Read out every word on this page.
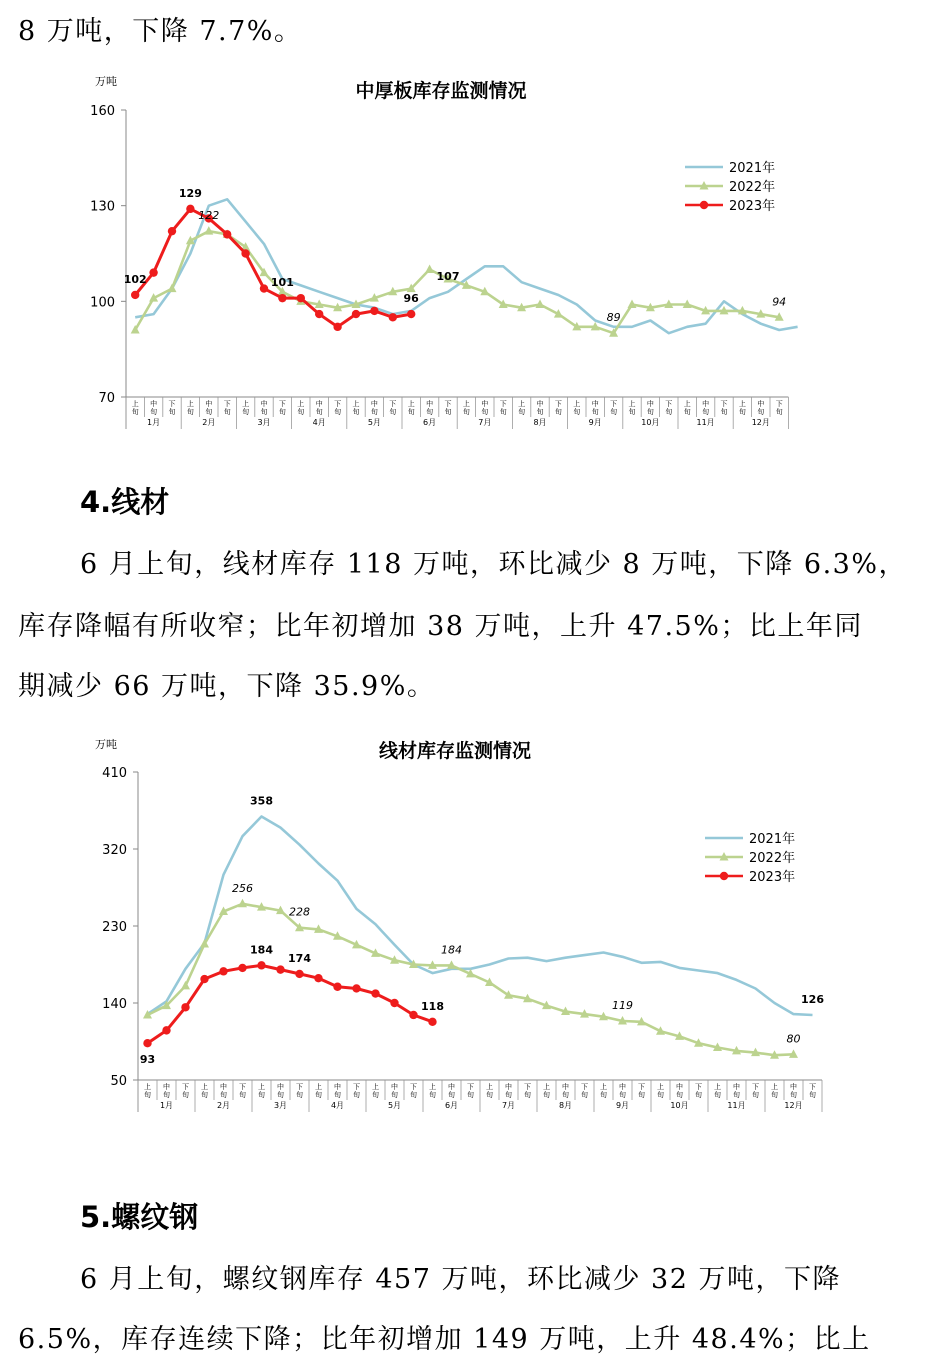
8 万吨，下降 7.7%。
中厚板库存监测情况
万吨
70
100
130
160
上
旬
中
旬
下
旬
上
旬
中
旬
下
旬
上
旬
中
旬
下
旬
上
旬
中
旬
下
旬
上
旬
中
旬
下
旬
上
旬
中
旬
下
旬
上
旬
中
旬
下
旬
上
旬
中
旬
下
旬
上
旬
中
旬
下
旬
上
旬
中
旬
下
旬
上
旬
中
旬
下
旬
上
旬
中
旬
下
旬
1月	2月	3月	4月	5月	6月	7月	8月	9月	10月	11月	12月
2021年
2022年
2023年
102
129
122
101
96
107
89
94
4.线材
6 月上旬，线材库存 118 万吨，环比减少 8 万吨，下降 6.3%，
库存降幅有所收窄；比年初增加 38 万吨，上升 47.5%；比上年同
期减少 66 万吨，下降 35.9%。
线材库存监测情况
万吨
50
140
230
320
410
上
旬
中
旬
下
旬
上
旬
中
旬
下
旬
上
旬
中
旬
下
旬
上
旬
中
旬
下
旬
上
旬
中
旬
下
旬
上
旬
中
旬
下
旬
上
旬
中
旬
下
旬
上
旬
中
旬
下
旬
上
旬
中
旬
下
旬
上
旬
中
旬
下
旬
上
旬
中
旬
下
旬
上
旬
中
旬
下
旬
1月	2月	3月	4月	5月	6月	7月	8月	9月	10月	11月	12月
2021年
2022年
2023年
93
358
256
228
184
174
118
184
119	126
80
5.螺纹钢
6 月上旬，螺纹钢库存 457 万吨，环比减少 32 万吨，下降
6.5%，库存连续下降；比年初增加 149 万吨，上升 48.4%；比上
